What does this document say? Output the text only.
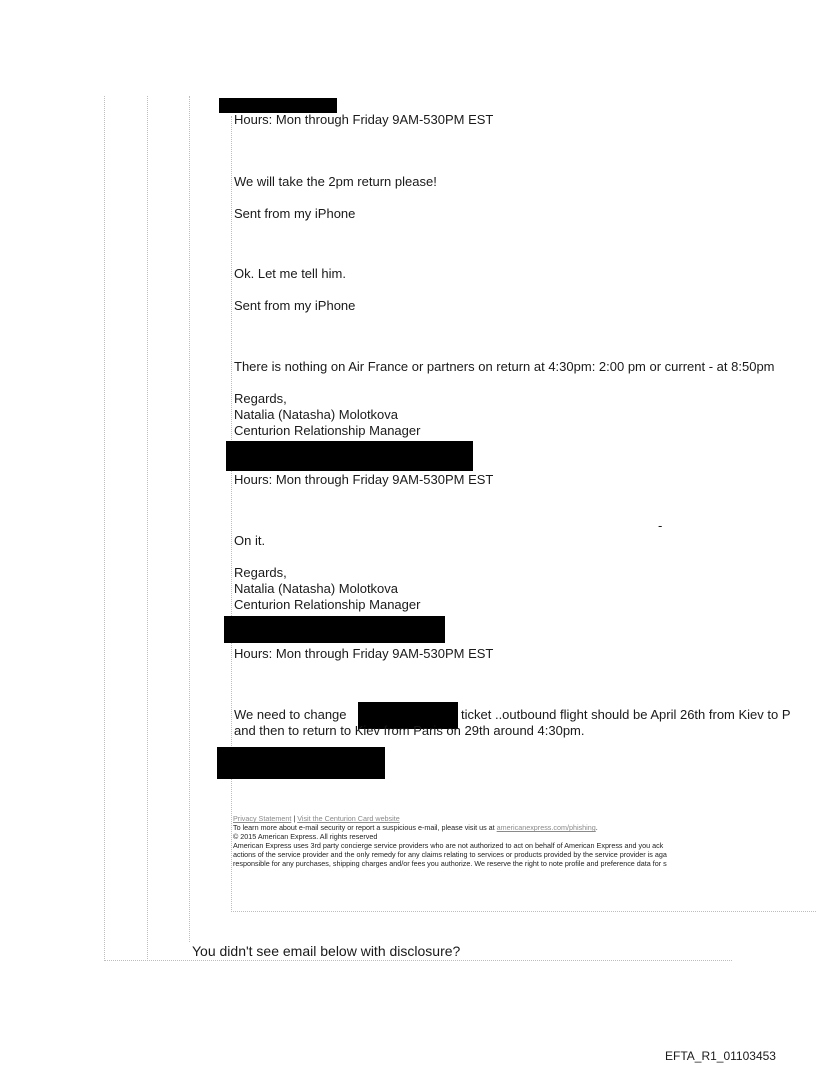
Hours: Mon through Friday 9AM-530PM EST
We will take the 2pm return please!
Sent from my iPhone
Ok. Let me tell him.
Sent from my iPhone
There is nothing on Air France or partners on return at 4:30pm: 2:00 pm or current - at 8:50pm
Regards,
Natalia (Natasha) Molotkova
Centurion Relationship Manager
Hours: Mon through Friday 9AM-530PM EST
-
On it.
Regards,
Natalia (Natasha) Molotkova
Centurion Relationship Manager
Hours: Mon through Friday 9AM-530PM EST
We need to change	ticket ..outbound flight should be April 26th from Kiev to P
and then to return to Kiev from Paris on 29th around 4:30pm.
Privacy Statement | Visit the Centurion Card website
To learn more about e-mail security or report a suspicious e-mail, please visit us at americanexpress.com/phishing.
© 2015 American Express. All rights reserved
American Express uses 3rd party concierge service providers who are not authorized to act on behalf of American Express and you ack
actions of the service provider and the only remedy for any claims relating to services or products provided by the service provider is aga
responsible for any purchases, shipping charges and/or fees you authorize. We reserve the right to note profile and preference data for s
You didn't see email below with disclosure?
EFTA_R1_01103453
